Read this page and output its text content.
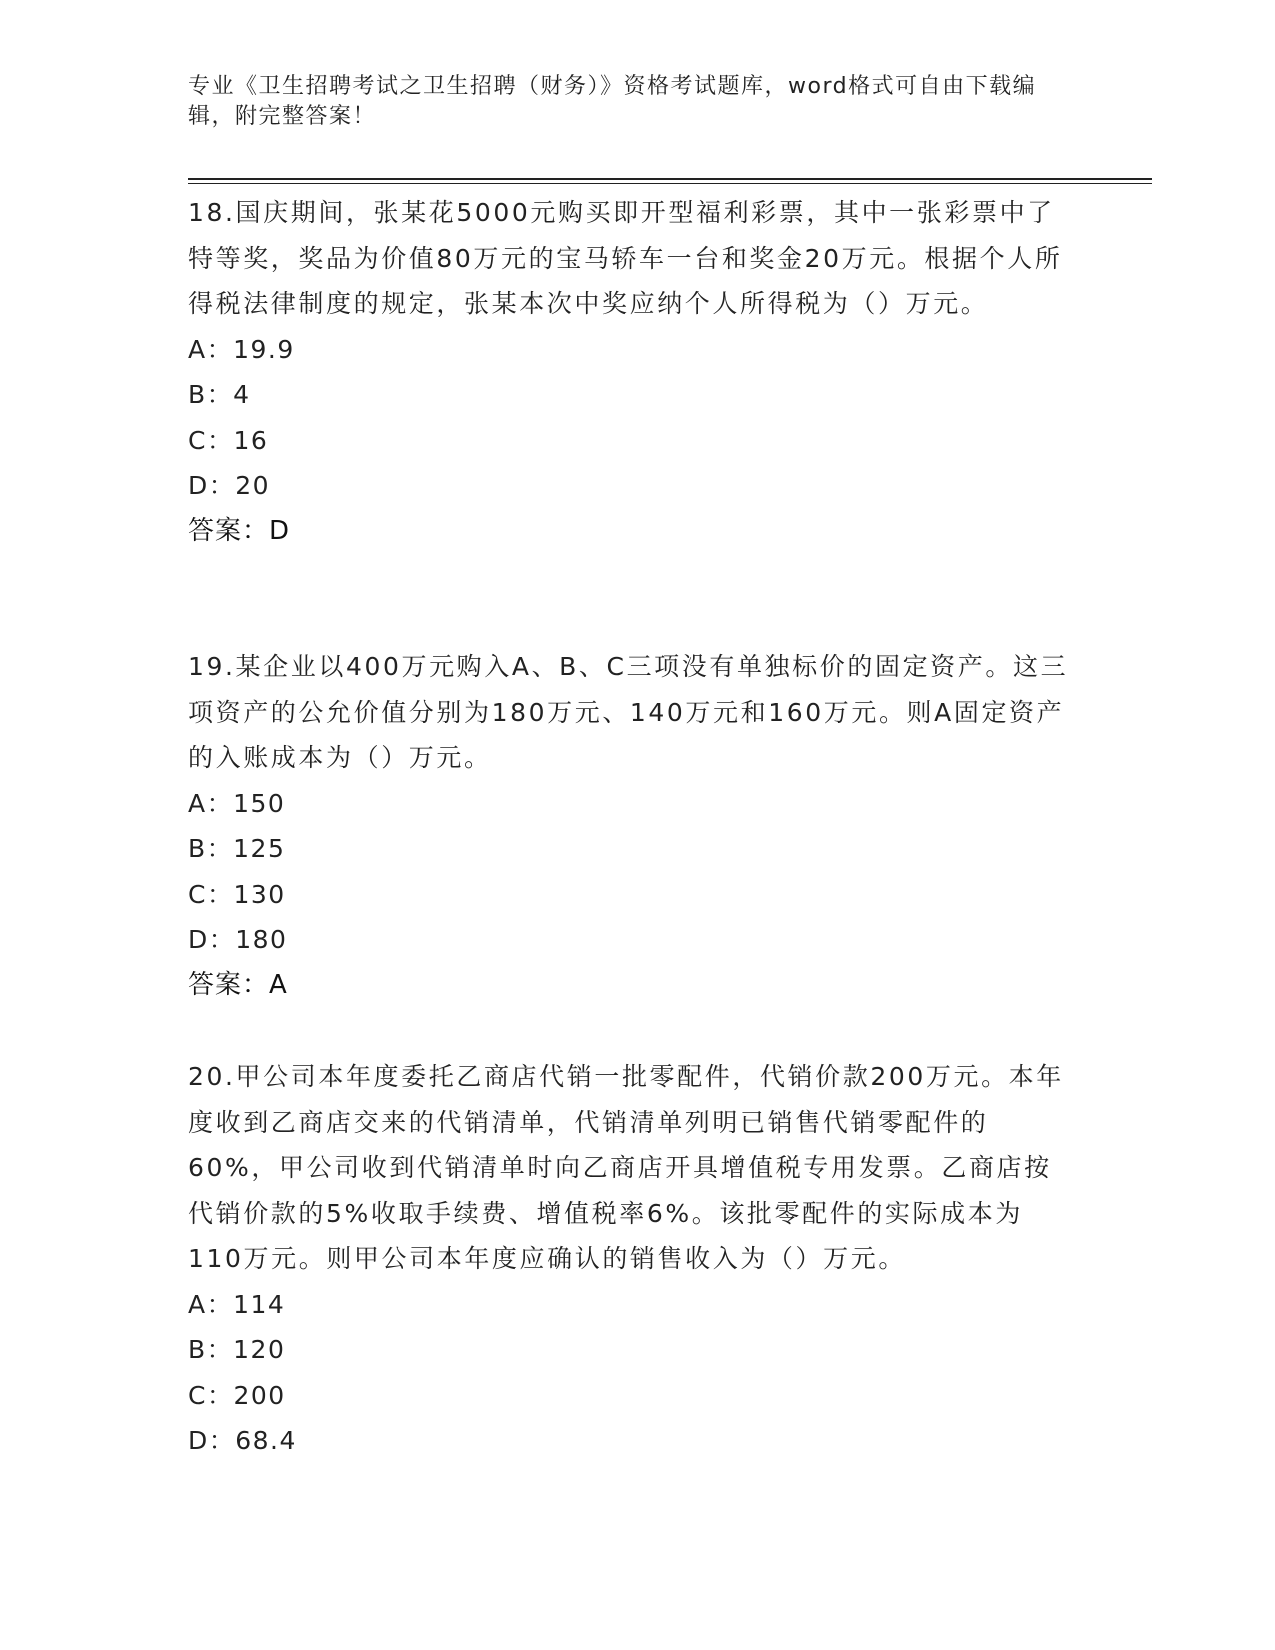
专业《卫生招聘考试之卫生招聘（财务）》资格考试题库，word格式可自由下载编辑，附完整答案！

18.国庆期间，张某花5000元购买即开型福利彩票，其中一张彩票中了特等奖，奖品为价值80万元的宝马轿车一台和奖金20万元。根据个人所得税法律制度的规定，张某本次中奖应纳个人所得税为（）万元。

A：19.9
B：4
C：16
D：20
答案：D

19.某企业以400万元购入A、B、C三项没有单独标价的固定资产。这三项资产的公允价值分别为180万元、140万元和160万元。则A固定资产的入账成本为（）万元。

A：150
B：125
C：130
D：180
答案：A

20.甲公司本年度委托乙商店代销一批零配件，代销价款200万元。本年度收到乙商店交来的代销清单，代销清单列明已销售代销零配件的60%，甲公司收到代销清单时向乙商店开具增值税专用发票。乙商店按代销价款的5%收取手续费、增值税率6%。该批零配件的实际成本为110万元。则甲公司本年度应确认的销售收入为（）万元。

A：114
B：120
C：200
D：68.4
